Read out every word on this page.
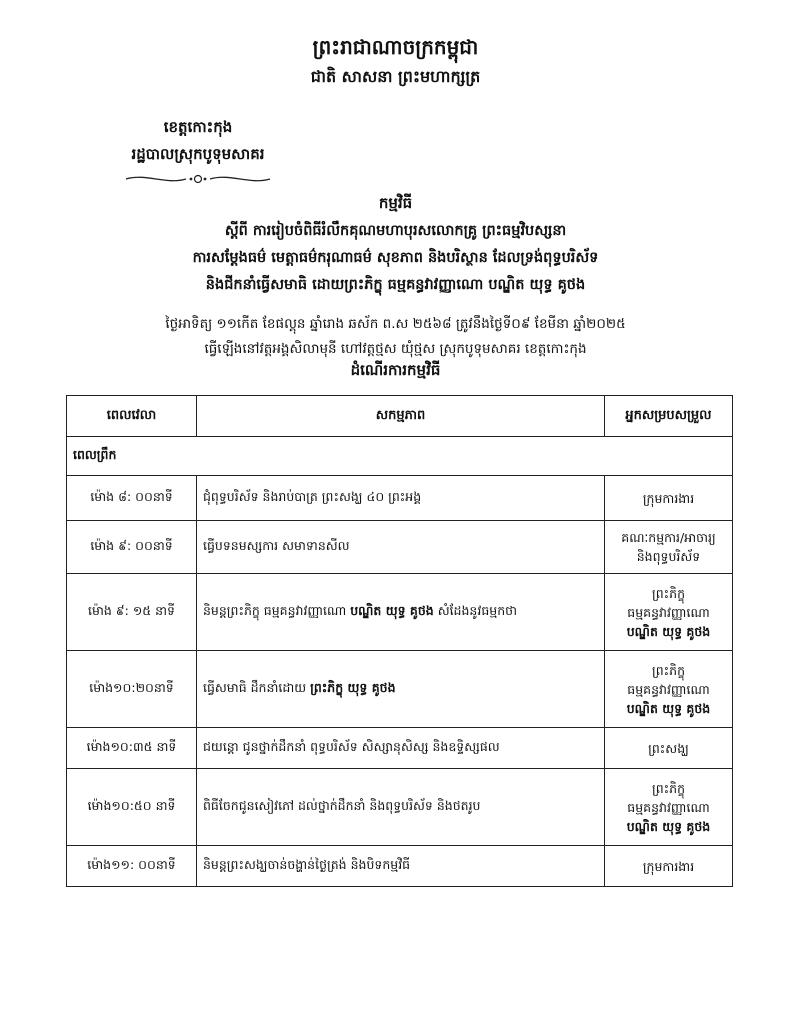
ព្រះរាជាណាចក្រកម្ពុជា
ជាតិ សាសនា ព្រះមហាក្សត្រ
ខេត្តកោះកុង
រដ្ឋបាលស្រុកបូទុមសាគរ
កម្មវិធី
ស្តីពី ការរៀបចំពិធីរំលឹកគុណមហាបុរសលោកគ្រូ ព្រះធម្មវិបស្សនា
ការសម្តែងធម៌ មេត្តាធម៌ករុណាធម៌ សុខភាព និងបរិស្ថាន ដែលទ្រង់ពុទ្ធបរិស័ទ
និងជីកនាំធ្វើសមាធិ ដោយព្រះភិក្ខុ ធម្មគន្ធវាវញ្ញាណោ បណ្ឌិត យុទ្ធ គូថង
ថ្ងៃអាទិត្យ ១១កើត ខែផល្គុន ឆ្នាំរោង ឆស័ក ព.ស ២៥៦៨ ត្រូវនឹងថ្ងៃទី០៩ ខែមីនា ឆ្នាំ២០២៥
ធ្វើឡើងនៅវត្តអង្គសិលាមុនី ហៅវត្តថ្មស យុំថ្មស ស្រុកបូទុមសាគរ ខេត្តកោះកុង
ដំណើរការកម្មវិធី
ពេលវេលា	សកម្មភាព	អ្នកសម្របសម្រួល
ពេលព្រឹក		
ម៉ោង ៨: ០០នាទី	ជុំពុទ្ធបរិស័ទ និងរាប់បាត្រ ព្រះសង្ឃ ៤០ ព្រះអង្គ	ក្រុមការងារ

ម៉ោង ៩: ០០នាទី	ធ្វើបទនមស្សការ សមាទានសីល	គណៈកម្មការ/អាចារ្យ
និងពុទ្ធបរិស័ទ

ម៉ោង ៩: ១៥ នាទី	និមន្តព្រះភិក្ខុ ធម្មគន្ធវាវញ្ញាណោ បណ្ឌិត យុទ្ធ គូថង សំដែងនូវធម្មកថា	ព្រះភិក្ខុ
ធម្មគន្ធវាវញ្ញាណោ
បណ្ឌិត យុទ្ធ គូថង

ម៉ោង១០:២០នាទី	ធ្វើសមាធិ ដឹកនាំដោយ ព្រះភិក្ខុ យុទ្ធ គូថង	ព្រះភិក្ខុ
ធម្មគន្ធវាវញ្ញាណោ
បណ្ឌិត យុទ្ធ គូថង

ម៉ោង១០:៣៥ នាទី	ជយន្តោ ជូនថ្នាក់ដឹកនាំ ពុទ្ធបរិស័ទ សិស្សានុសិស្ស និងឧទ្ទិស្សផល	ព្រះសង្ឃ

ម៉ោង១០:៥០ នាទី	ពិធីចែកជូនសៀវភៅ ដល់ថ្នាក់ដឹកនាំ និងពុទ្ធបរិស័ទ និងថតរូប	ព្រះភិក្ខុ
ធម្មគន្ធវាវញ្ញាណោ
បណ្ឌិត យុទ្ធ គូថង

ម៉ោង១១: ០០នាទី	និមន្តព្រះសង្ឃចាន់ចង្ហាន់ថ្ងៃត្រង់ និងបិទកម្មវិធី	ក្រុមការងារ
